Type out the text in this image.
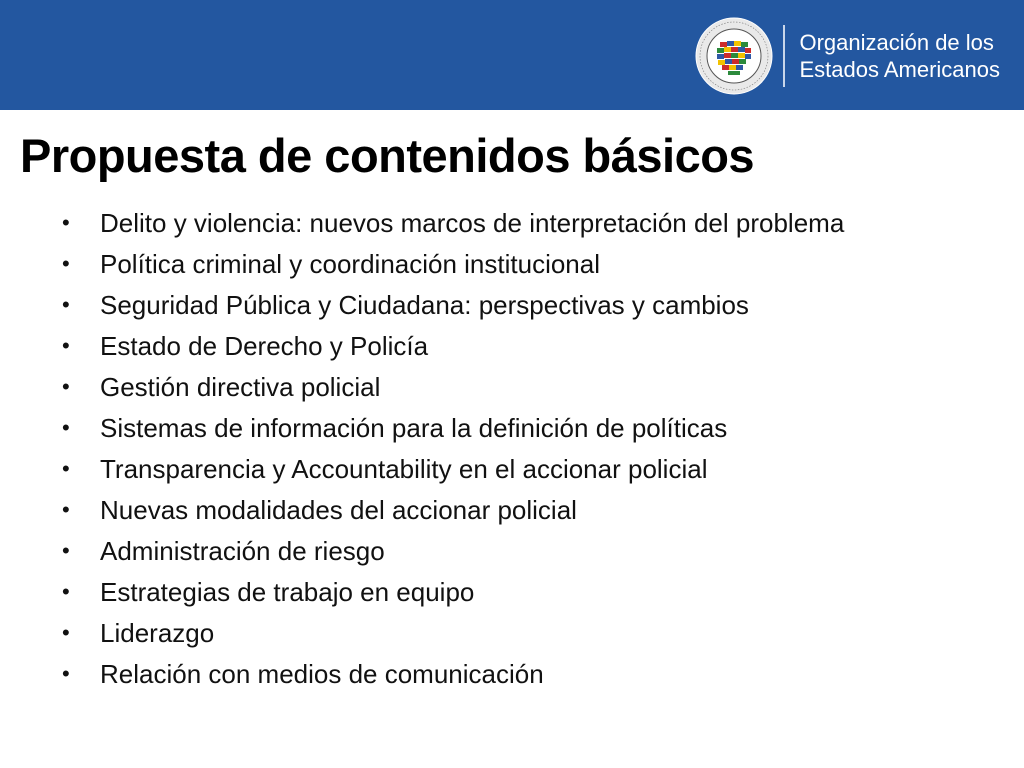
Organización de los
Estados Americanos
Propuesta de contenidos básicos
•	Delito y violencia: nuevos marcos de interpretación del problema
•	Política criminal y coordinación institucional
•	Seguridad Pública y Ciudadana: perspectivas y cambios
•	Estado de Derecho y Policía
•	Gestión directiva policial
•	Sistemas de información para la definición de políticas
•	Transparencia y Accountability en el accionar policial
•	Nuevas modalidades del accionar policial
•	Administración de riesgo
•	Estrategias de trabajo en equipo
•	Liderazgo
•	Relación con medios de comunicación
